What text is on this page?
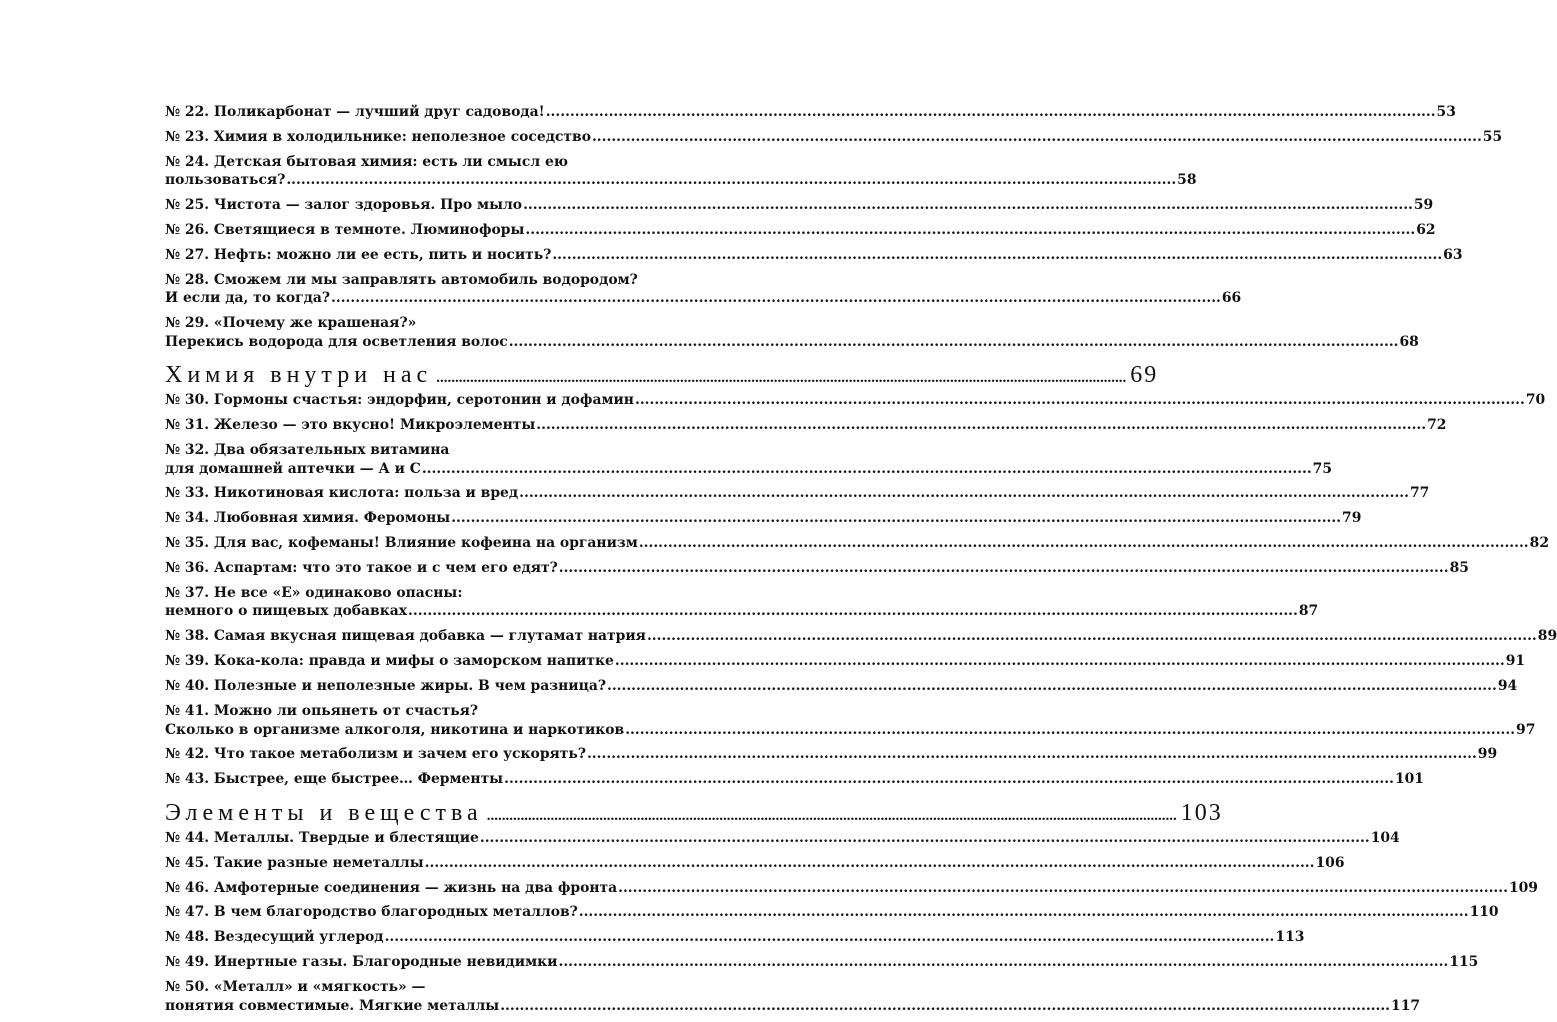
№ 22. Поликарбонат — лучший друг садовода! .....	53
№ 23. Химия в холодильнике: неполезное соседство .....	55
№ 24. Детская бытовая химия: есть ли смысл ею
пользоваться? .....	58
№ 25. Чистота — залог здоровья. Про мыло .....	59
№ 26. Светящиеся в темноте. Люминофоры .....	62
№ 27. Нефть: можно ли ее есть, пить и носить? .....	63
№ 28. Сможем ли мы заправлять автомобиль водородом?
И если да, то когда? .....	66
№ 29. «Почему же крашеная?»
Перекись водорода для осветления волос .....	68
Химия внутри нас .....	69
№ 30. Гормоны счастья: эндорфин, серотонин и дофамин .....	70
№ 31. Железо — это вкусно! Микроэлементы .....	72
№ 32. Два обязательных витамина
для домашней аптечки — А и С .....	75
№ 33. Никотиновая кислота: польза и вред .....	77
№ 34. Любовная химия. Феромоны .....	79
№ 35. Для вас, кофеманы! Влияние кофеина на организм .....	82
№ 36. Аспартам: что это такое и с чем его едят? .....	85
№ 37. Не все «Е» одинаково опасны:
немного о пищевых добавках .....	87
№ 38. Самая вкусная пищевая добавка — глутамат натрия .....	89
№ 39. Кока-кола: правда и мифы о заморском напитке .....	91
№ 40. Полезные и неполезные жиры. В чем разница? .....	94
№ 41. Можно ли опьянеть от счастья?
Сколько в организме алкоголя, никотина и наркотиков .....	97
№ 42. Что такое метаболизм и зачем его ускорять? .....	99
№ 43. Быстрее, еще быстрее… Ферменты .....	101
Элементы и вещества .....	103
№ 44. Металлы. Твердые и блестящие .....	104
№ 45. Такие разные неметаллы .....	106
№ 46. Амфотерные соединения — жизнь на два фронта .....	109
№ 47. В чем благородство благородных металлов? .....	110
№ 48. Вездесущий углерод .....	113
№ 49. Инертные газы. Благородные невидимки .....	115
№ 50. «Металл» и «мягкость» —
понятия совместимые. Мягкие металлы .....	117
